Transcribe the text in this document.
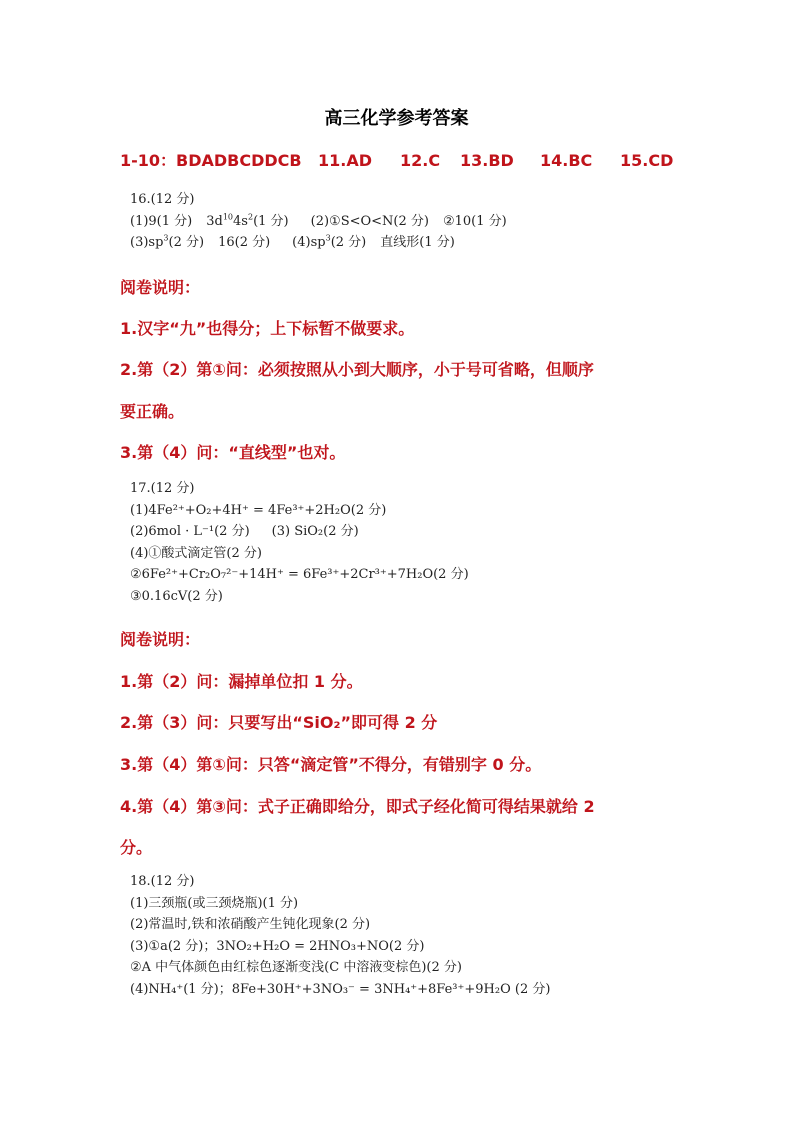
高三化学参考答案
1-10：BDADBCDDCB 11.AD 12.C 13.BD 14.BC 15.CD
16.(12 分)
(1)9(1 分) $3d^{10}4s^2(1$ 分) (2)①S<O<N(2 分) ②10(1 分)
$(3)sp^3(2$ 分) 16(2 分) $(4)sp^3(2$ 分) 直线形(1 分)
阅卷说明：
1.汉字“九”也得分；上下标暂不做要求。
2.第（2）第①问：必须按照从小到大顺序，小于号可省略，但顺序
要正确。
3.第（4）问：“直线型”也对。
17.(12 分)
(1)4Fe²⁺+O₂+4H⁺ = 4Fe³⁺+2H₂O(2 分)
(2)6mol · L⁻¹(2 分) (3) SiO₂(2 分)
(4)①酸式滴定管(2 分)
②6Fe²⁺+Cr₂O₇²⁻+14H⁺ = 6Fe³⁺+2Cr³⁺+7H₂O(2 分)
③0.16cV(2 分)
阅卷说明：
1.第（2）问：漏掉单位扣 1 分。
2.第（3）问：只要写出“SiO₂”即可得 2 分
3.第（4）第①问：只答“滴定管”不得分，有错别字 0 分。
4.第（4）第③问：式子正确即给分，即式子经化简可得结果就给 2
分。
18.(12 分)
(1)三颈瓶(或三颈烧瓶)(1 分)
(2)常温时,铁和浓硝酸产生钝化现象(2 分)
(3)①a(2 分)；3NO₂+H₂O = 2HNO₃+NO(2 分)
②A 中气体颜色由红棕色逐渐变浅(C 中溶液变棕色)(2 分)
(4)NH₄⁺(1 分)；8Fe+30H⁺+3NO₃⁻ = 3NH₄⁺+8Fe³⁺+9H₂O (2 分)
